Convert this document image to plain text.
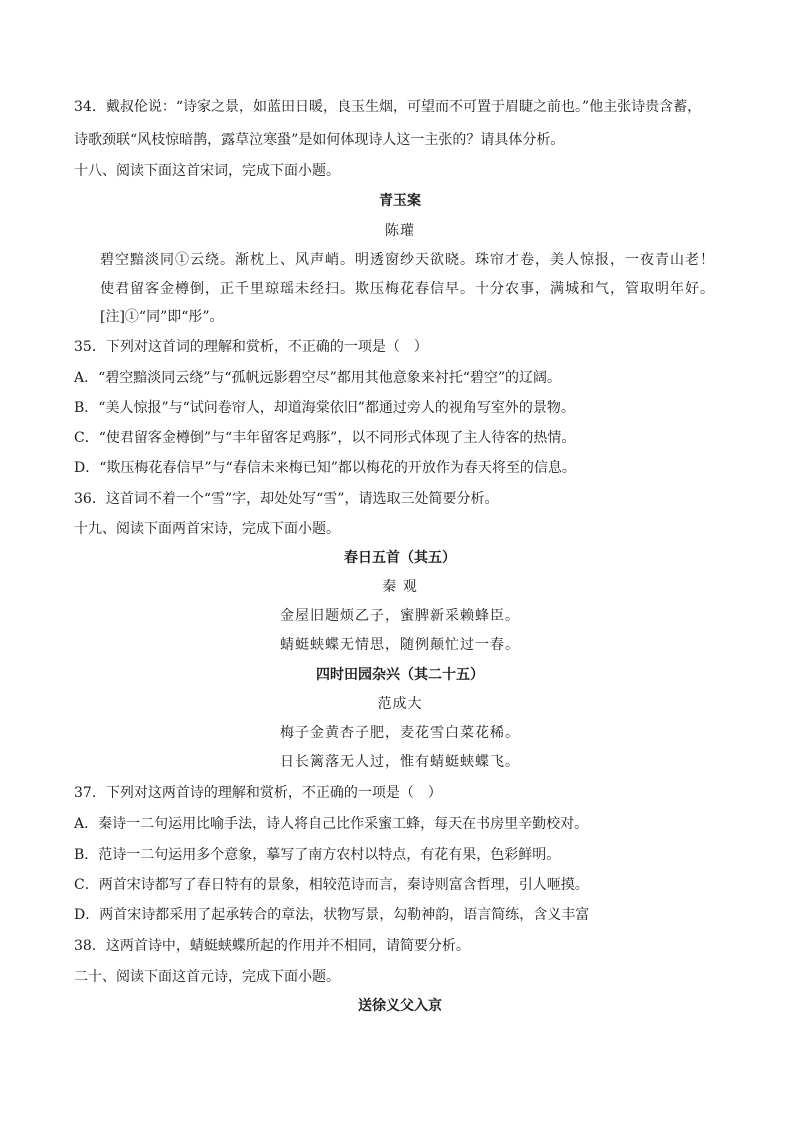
34．戴叔伦说：“诗家之景，如蓝田日暖，良玉生烟，可望而不可置于眉睫之前也。”他主张诗贵含蓄，
诗歌颈联“风枝惊暗鹊，露草泣寒蛩”是如何体现诗人这一主张的？请具体分析。
十八、阅读下面这首宋词，完成下面小题。
青玉案
陈瓘
碧空黯淡同①云绕。渐枕上、风声峭。明透窗纱天欲晓。珠帘才卷，美人惊报，一夜青山老！
使君留客金樽倒，正千里琼瑶未经扫。欺压梅花春信早。十分农事，满城和气，管取明年好。
[注]①“同”即“彤”。
35．下列对这首词的理解和赏析，不正确的一项是（　）
A．“碧空黯淡同云绕”与“孤帆远影碧空尽”都用其他意象来衬托“碧空”的辽阔。
B．“美人惊报”与“试问卷帘人，却道海棠依旧”都通过旁人的视角写室外的景物。
C．“使君留客金樽倒”与“丰年留客足鸡豚”，以不同形式体现了主人待客的热情。
D．“欺压梅花春信早”与“春信未来梅已知”都以梅花的开放作为春天将至的信息。
36．这首词不着一个“雪”字，却处处写“雪”，请选取三处简要分析。
十九、阅读下面两首宋诗，完成下面小题。
春日五首（其五）
秦 观
金屋旧题烦乙子，蜜脾新采赖蜂臣。
蜻蜓蛱蝶无情思，随例颠忙过一春。
四时田园杂兴（其二十五）
范成大
梅子金黄杏子肥，麦花雪白菜花稀。
日长篱落无人过，惟有蜻蜓蛱蝶飞。
37．下列对这两首诗的理解和赏析，不正确的一项是（　）
A．秦诗一二句运用比喻手法，诗人将自己比作采蜜工蜂，每天在书房里辛勤校对。
B．范诗一二句运用多个意象，摹写了南方农村以特点，有花有果，色彩鲜明。
C．两首宋诗都写了春日特有的景象，相较范诗而言，秦诗则富含哲理，引人咂摸。
D．两首宋诗都采用了起承转合的章法，状物写景，勾勒神韵，语言简练，含义丰富
38．这两首诗中，蜻蜓蛱蝶所起的作用并不相同，请简要分析。
二十、阅读下面这首元诗，完成下面小题。
送徐义父入京
